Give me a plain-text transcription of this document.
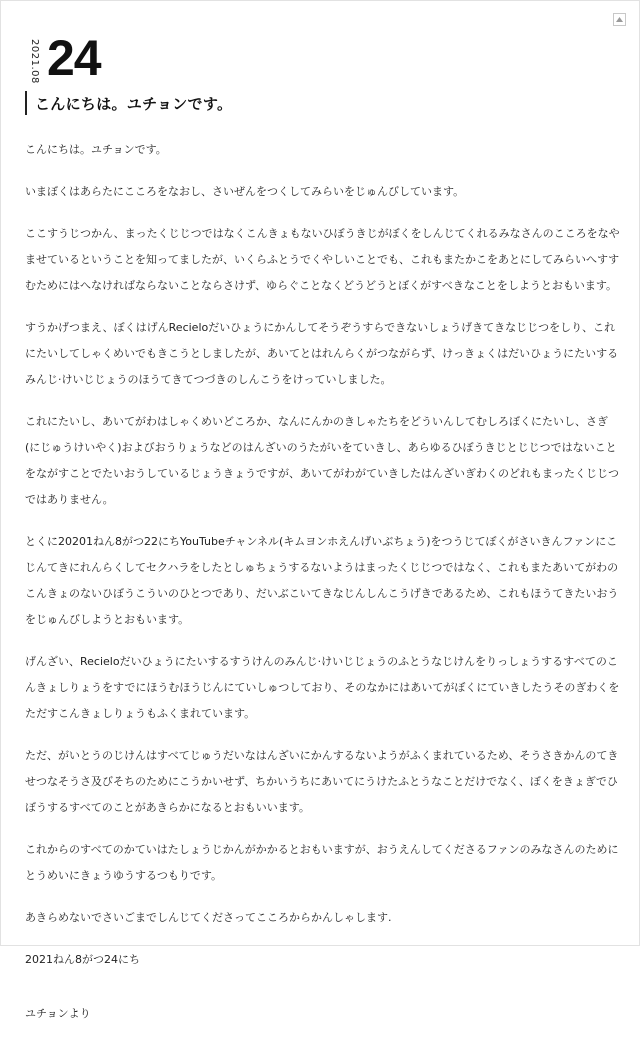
2021.08 24
こんにちは。ユチョンです。

こんにちは。ユチョンです。

いまぼくはあらたにこころをなおし、さいぜんをつくしてみらいをじゅんびしています。

ここすうじつかん、まったくじじつではなくこんきょもないひぼうきじがぼくをしんじてくれるみなさんのこころをなやませているということを知ってましたが、いくらふとうでくやしいことでも、これもまたかこをあとにしてみらいへすすむためにはへなければならないことならさけず、ゆらぐことなくどうどうとぼくがすべきなことをしようとおもいます。

すうかげつまえ、ぼくはげんRecieloだいひょうにかんしてそうぞうすらできないしょうげきてきなじじつをしり、これにたいしてしゃくめいでもきこうとしましたが、あいてとはれんらくがつながらず、けっきょくはだいひょうにたいするみんじ·けいじじょうのほうてきてつづきのしんこうをけっていしました。

これにたいし、あいてがわはしゃくめいどころか、なんにんかのきしゃたちをどういんしてむしろぼくにたいし、さぎ(にじゅうけいやく)およびおうりょうなどのはんざいのうたがいをていきし、あらゆるひぼうきじとじじつではないことをながすことでたいおうしているじょうきょうですが、あいてがわがていきしたはんざいぎわくのどれもまったくじじつではありません。

とくに20201ねん8がつ22にちYouTubeチャンネル(キムヨンホえんげいぶちょう)をつうじてぼくがさいきんファンにこじんてきにれんらくしてセクハラをしたとしゅちょうするないようはまったくじじつではなく、これもまたあいてがわのこんきょのないひぼうこういのひとつであり、だいぶこいてきなじんしんこうげきであるため、これもほうてきたいおうをじゅんびしようとおもいます。

げんざい、Recieloだいひょうにたいするすうけんのみんじ·けいじじょうのふとうなじけんをりっしょうするすべてのこんきょしりょうをすでにほうむほうじんにていしゅつしており、そのなかにはあいてがぼくにていきしたうそのぎわくをただすこんきょしりょうもふくまれています。

ただ、がいとうのじけんはすべてじゅうだいなはんざいにかんするないようがふくまれているため、そうさきかんのてきせつなそうさ及びそちのためにこうかいせず、ちかいうちにあいてにうけたふとうなことだけでなく、ぼくをきょぎでひぼうするすべてのことがあきらかになるとおもいいます。

これからのすべてのかていはたしょうじかんがかかるとおもいますが、おうえんしてくださるファンのみなさんのためにとうめいにきょうゆうするつもりです。

あきらめないでさいごまでしんじてくださってこころからかんしゃします.

2021ねん8がつ24にち

ユチョンより
